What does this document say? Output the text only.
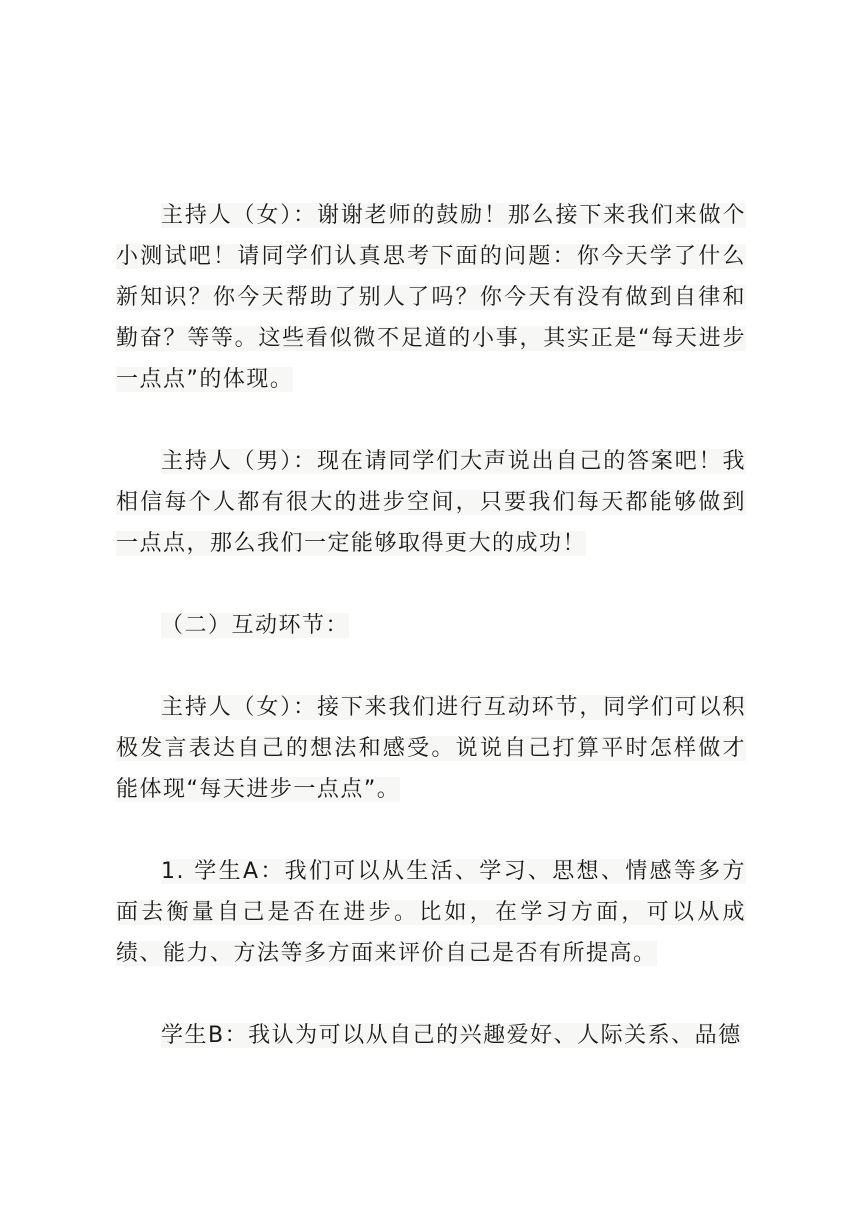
主持人（女）：谢谢老师的鼓励！那么接下来我们来做个小测试吧！请同学们认真思考下面的问题：你今天学了什么新知识？你今天帮助了别人了吗？你今天有没有做到自律和勤奋？等等。这些看似微不足道的小事，其实正是“每天进步一点点”的体现。

主持人（男）：现在请同学们大声说出自己的答案吧！我相信每个人都有很大的进步空间，只要我们每天都能够做到一点点，那么我们一定能够取得更大的成功！

（二）互动环节：

主持人（女）：接下来我们进行互动环节，同学们可以积极发言表达自己的想法和感受。说说自己打算平时怎样做才能体现“每天进步一点点”。

1. 学生A：我们可以从生活、学习、思想、情感等多方面去衡量自己是否在进步。比如，在学习方面，可以从成绩、能力、方法等多方面来评价自己是否有所提高。

学生B：我认为可以从自己的兴趣爱好、人际关系、品德
